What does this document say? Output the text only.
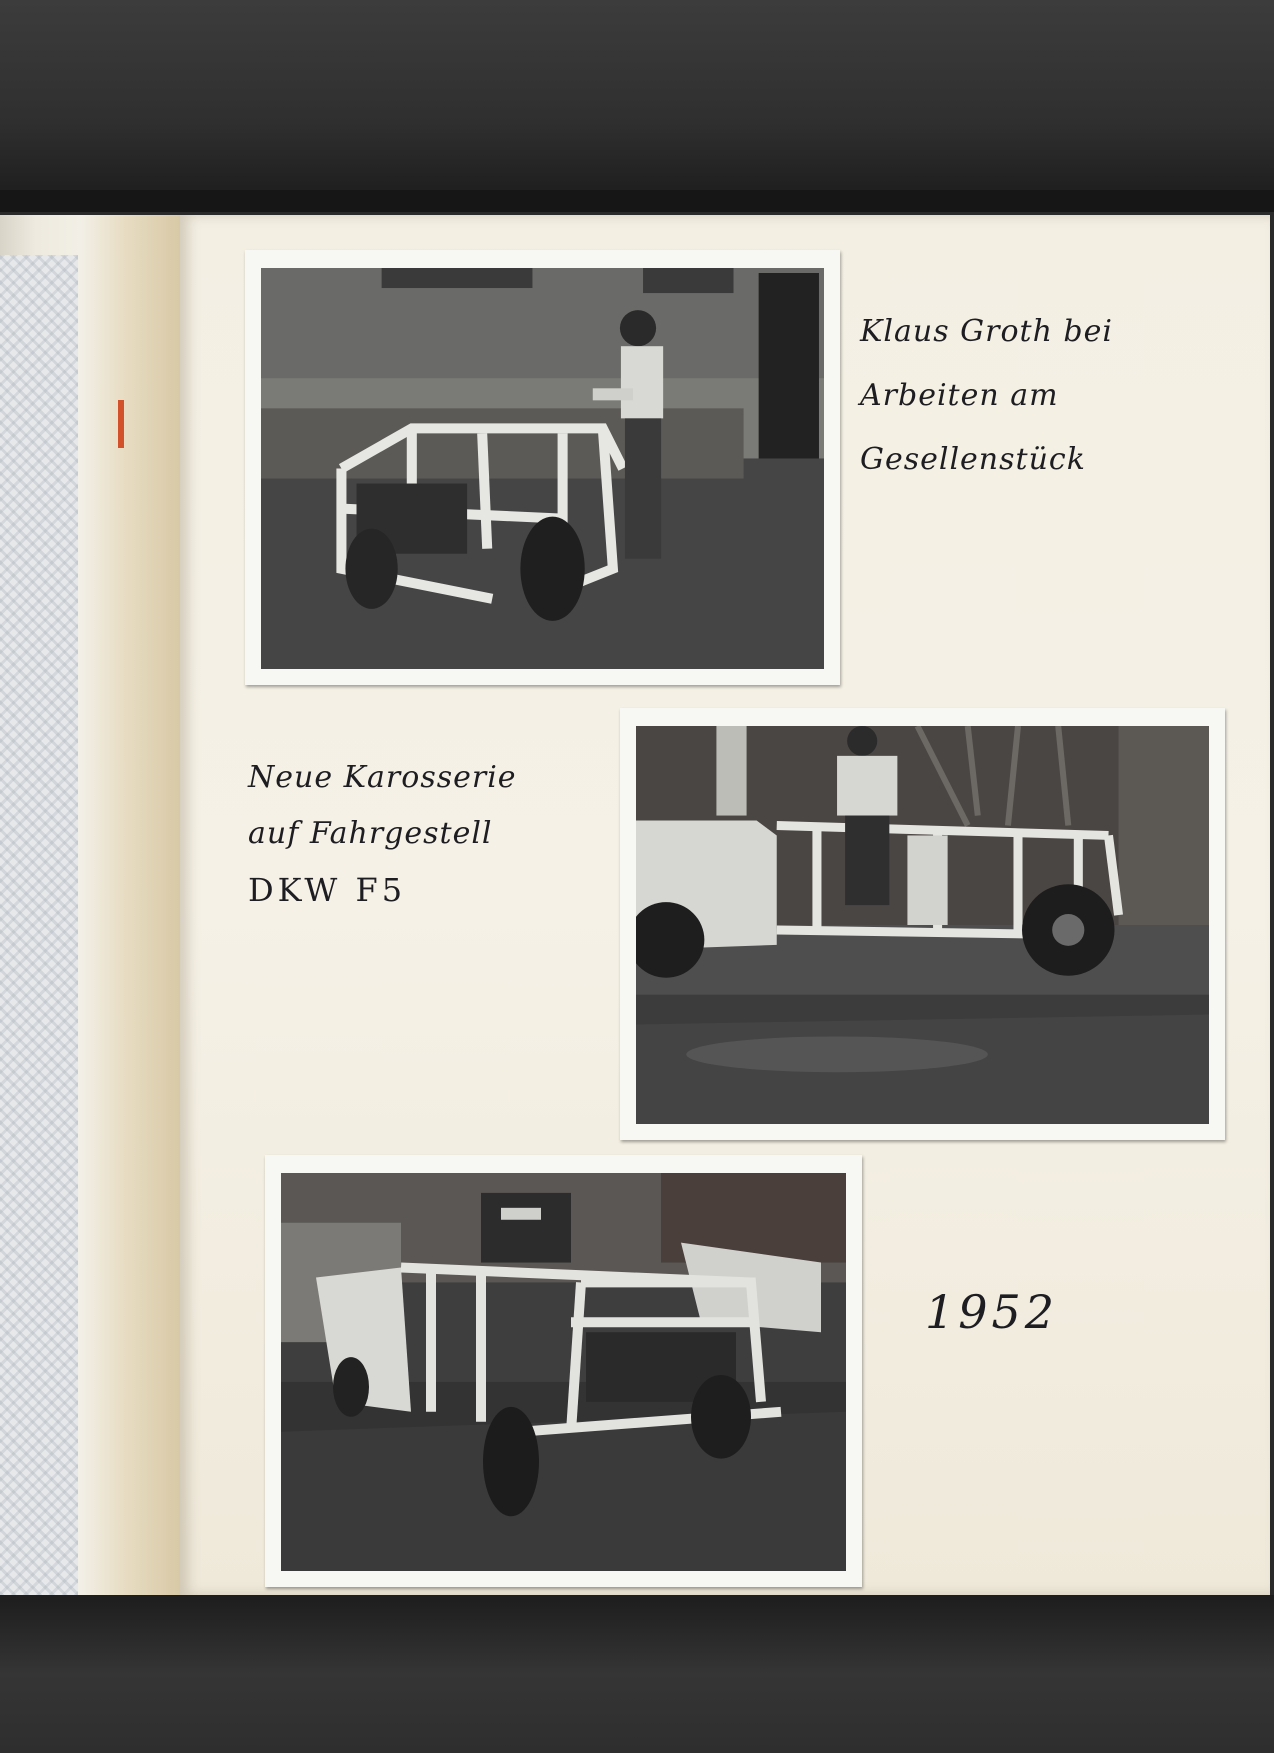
Klaus Groth bei
Arbeiten am
Gesellenstück
Neue Karosserie
auf Fahrgestell
DKW F5
1952
